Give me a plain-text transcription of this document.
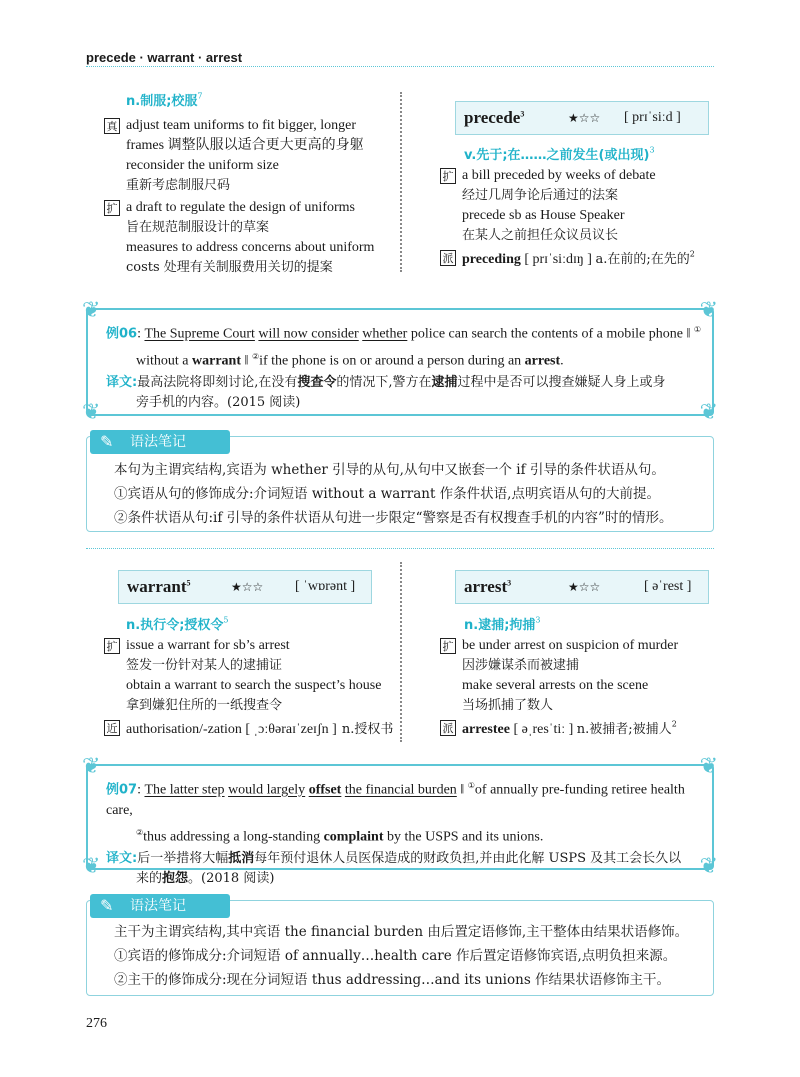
precede · warrant · arrest
n.制服;校服$^7$
真 adjust team uniforms to fit bigger, longer
frames 调整队服以适合更大更高的身躯
reconsider the uniform size
重新考虑制服尺码
扩 a draft to regulate the design of uniforms
旨在规范制服设计的草案
measures to address concerns about uniform
costs 处理有关制服费用关切的提案
precede$^3$	★☆☆ [ prɪˈsiːd ]
v.先于;在……之前发生(或出现)$^3$
扩 a bill preceded by weeks of debate
经过几周争论后通过的法案
precede sb as House Speaker
在某人之前担任众议员议长
派 preceding [ prɪˈsiːdɪŋ ] a.在前的;在先的$^2$
❦	❦
❦	❦
例06: The Supreme Court will now consider whether police can search the contents of a mobile phone ‖ ①
without a warrant ‖ ②if the phone is on or around a person during an arrest.
译文:最高法院将即刻讨论,在没有搜查令的情况下,警方在逮捕过程中是否可以搜查嫌疑人身上或身
旁手机的内容。(2015 阅读)
✎ 语法笔记
本句为主谓宾结构,宾语为 whether 引导的从句,从句中又嵌套一个 if 引导的条件状语从句。
①宾语从句的修饰成分:介词短语 without a warrant 作条件状语,点明宾语从句的大前提。
②条件状语从句:if 引导的条件状语从句进一步限定“警察是否有权搜查手机的内容”时的情形。
warrant$^5$	★☆☆ [ ˈwɒrənt ]
n.执行令;授权令$^5$
扩 issue a warrant for sb’s arrest
签发一份针对某人的逮捕证
obtain a warrant to search the suspect’s house
拿到嫌犯住所的一纸搜查令
近 authorisation/-zation [ ˌɔːθəraɪˈzeɪʃn ] n.授权书
arrest$^3$	★☆☆	[ əˈrest ]
n.逮捕;拘捕$^3$
扩 be under arrest on suspicion of murder
因涉嫌谋杀而被逮捕
make several arrests on the scene
当场抓捕了数人
派 arrestee [ əˌresˈtiː ] n.被捕者;被捕人$^2$
❦	❦
❦	❦
例07: The latter step would largely offset the financial burden ‖ ①of annually pre-funding retiree health care,
②thus addressing a long-standing complaint by the USPS and its unions.
译文:后一举措将大幅抵消每年预付退休人员医保造成的财政负担,并由此化解 USPS 及其工会长久以
来的抱怨。(2018 阅读)
✎ 语法笔记
主干为主谓宾结构,其中宾语 the financial burden 由后置定语修饰,主干整体由结果状语修饰。
①宾语的修饰成分:介词短语 of annually…health care 作后置定语修饰宾语,点明负担来源。
②主干的修饰成分:现在分词短语 thus addressing…and its unions 作结果状语修饰主干。
276
